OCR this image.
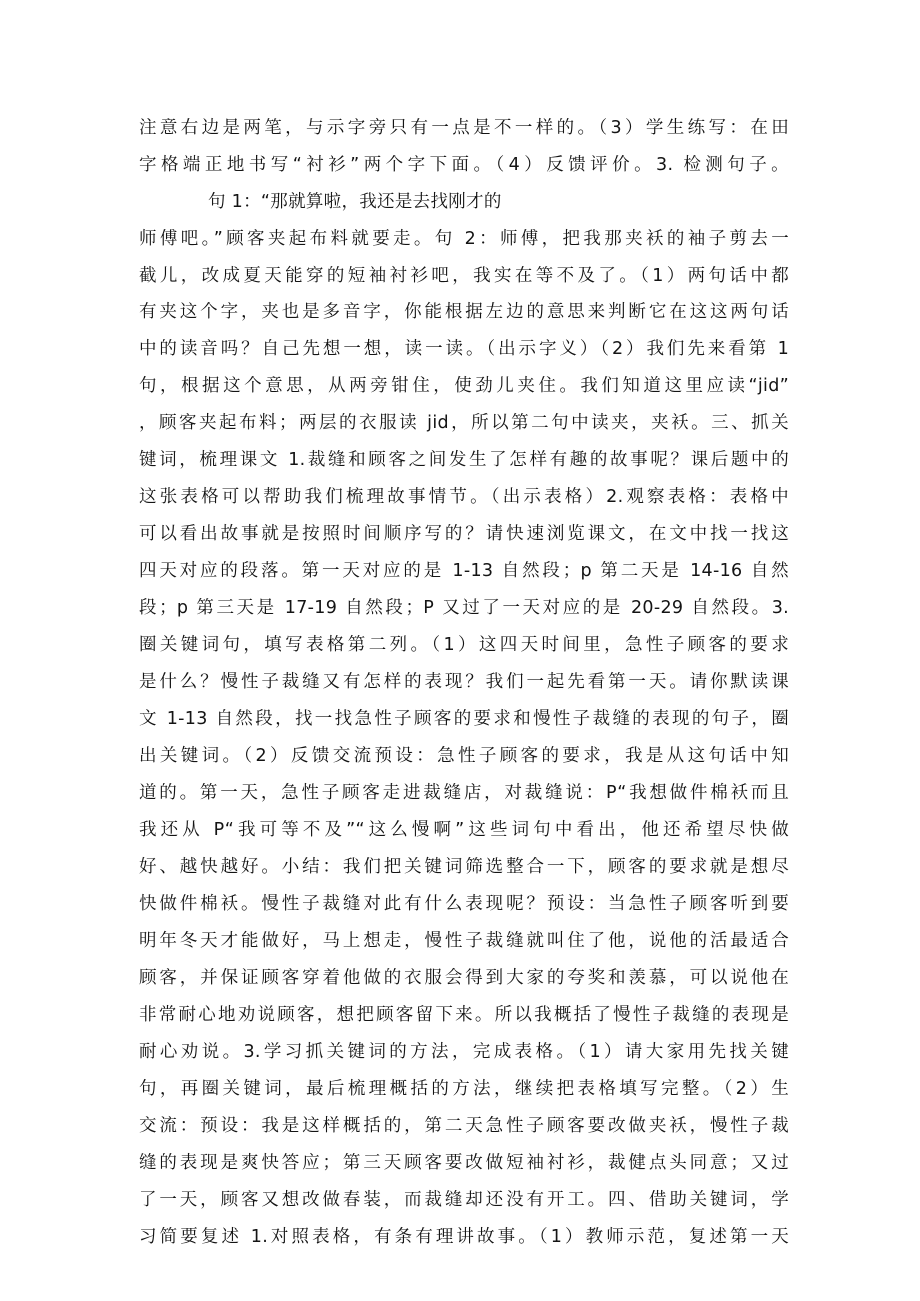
注意右边是两笔，与示字旁只有一点是不一样的。（3）学生练写：在田
字格端正地书写“衬衫”两个字下面。（4）反馈评价。3. 检测句子。
句 1：“那就算啦，我还是去找刚才的
师傅吧。”顾客夹起布料就要走。句 2：师傅，把我那夹袄的袖子剪去一
截儿，改成夏天能穿的短袖衬衫吧，我实在等不及了。（1）两句话中都
有夹这个字，夹也是多音字，你能根据左边的意思来判断它在这这两句话
中的读音吗？自己先想一想，读一读。（出示字义）（2）我们先来看第 1
句，根据这个意思，从两旁钳住，使劲儿夹住。我们知道这里应读“jid”
，顾客夹起布料；两层的衣服读 jid，所以第二句中读夹，夹袄。三、抓关
键词，梳理课文 1.裁缝和顾客之间发生了怎样有趣的故事呢？课后题中的
这张表格可以帮助我们梳理故事情节。（出示表格）2.观察表格：表格中
可以看出故事就是按照时间顺序写的？请快速浏览课文，在文中找一找这
四天对应的段落。第一天对应的是 1-13 自然段；p 第二天是 14-16 自然
段；p 第三天是 17-19 自然段；P 又过了一天对应的是 20-29 自然段。3.
圈关键词句，填写表格第二列。（1）这四天时间里，急性子顾客的要求
是什么？慢性子裁缝又有怎样的表现？我们一起先看第一天。请你默读课
文 1-13 自然段，找一找急性子顾客的要求和慢性子裁缝的表现的句子，圈
出关键词。（2）反馈交流预设：急性子顾客的要求，我是从这句话中知
道的。第一天，急性子顾客走进裁缝店，对裁缝说：P“我想做件棉袄而且
我还从 P“我可等不及”“这么慢啊”这些词句中看出，他还希望尽快做
好、越快越好。小结：我们把关键词筛选整合一下，顾客的要求就是想尽
快做件棉袄。慢性子裁缝对此有什么表现呢？预设：当急性子顾客听到要
明年冬天才能做好，马上想走，慢性子裁缝就叫住了他，说他的活最适合
顾客，并保证顾客穿着他做的衣服会得到大家的夸奖和羡慕，可以说他在
非常耐心地劝说顾客，想把顾客留下来。所以我概括了慢性子裁缝的表现是
耐心劝说。3.学习抓关键词的方法，完成表格。（1）请大家用先找关键
句，再圈关键词，最后梳理概括的方法，继续把表格填写完整。（2）生
交流：预设：我是这样概括的，第二天急性子顾客要改做夹袄，慢性子裁
缝的表现是爽快答应；第三天顾客要改做短袖衬衫，裁健点头同意；又过
了一天，顾客又想改做春装，而裁缝却还没有开工。四、借助关键词，学
习简要复述 1.对照表格，有条有理讲故事。（1）教师示范，复述第一天
